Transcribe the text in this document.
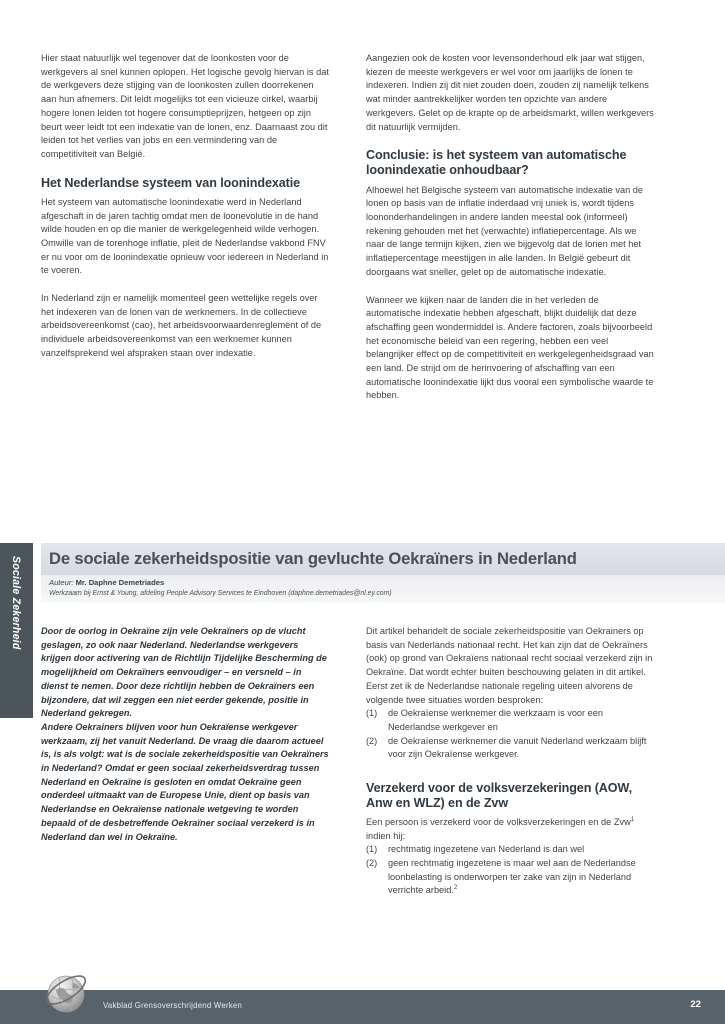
Hier staat natuurlijk wel tegenover dat de loonkosten voor de werkgevers al snel kunnen oplopen. Het logische gevolg hiervan is dat de werkgevers deze stijging van de loonkosten zullen doorrekenen aan hun afnemers. Dit leidt mogelijks tot een vicieuze cirkel, waarbij hogere lonen leiden tot hogere consumptieprijzen, hetgeen op zijn beurt weer leidt tot een indexatie van de lonen, enz. Daarnaast zou dit leiden tot het verlies van jobs en een vermindering van de competitiviteit van België.

Het Nederlandse systeem van loonindexatie

Het systeem van automatische loonindexatie werd in Nederland afgeschaft in de jaren tachtig omdat men de loonevolutie in de hand wilde houden en op die manier de werkgelegenheid wilde verhogen. Omwille van de torenhoge inflatie, pleit de Nederlandse vakbond FNV er nu voor om de loonindexatie opnieuw voor iedereen in Nederland in te voeren.

In Nederland zijn er namelijk momenteel geen wettelijke regels over het indexeren van de lonen van de werknemers. In de collectieve arbeidsovereenkomst (cao), het arbeidsvoorwaardenreglement of de individuele arbeidsovereenkomst van een werknemer kunnen vanzelfsprekend wel afspraken staan over indexatie.

Aangezien ook de kosten voor levensonderhoud elk jaar wat stijgen, kiezen de meeste werkgevers er wel voor om jaarlijks de lonen te indexeren. Indien zij dit niet zouden doen, zouden zij namelijk telkens wat minder aantrekkelijker worden ten opzichte van andere werkgevers. Gelet op de krapte op de arbeidsmarkt, willen werkgevers dit natuurlijk vermijden.

Conclusie: is het systeem van automatische loonindexatie onhoudbaar?

Alhoewel het Belgische systeem van automatische indexatie van de lonen op basis van de inflatie inderdaad vrij uniek is, wordt tijdens loononderhandelingen in andere landen meestal ook (informeel) rekening gehouden met het (verwachte) inflatiepercentage. Als we naar de lange termijn kijken, zien we bijgevolg dat de lonen met het inflatiepercentage meestijgen in alle landen. In België gebeurt dit doorgaans wat sneller, gelet op de automatische indexatie.

Wanneer we kijken naar de landen die in het verleden de automatische indexatie hebben afgeschaft, blijkt duidelijk dat deze afschaffing geen wondermiddel is. Andere factoren, zoals bijvoorbeeld het economische beleid van een regering, hebben een veel belangrijker effect op de competitiviteit en werkgelegenheidsgraad van een land. De strijd om de herinvoering of afschaffing van een automatische loonindexatie lijkt dus vooral een symbolische waarde te hebben.

Sociale Zekerheid	De sociale zekerheidspositie van gevluchte Oekraïners in Nederland
Auteur: Mr. Daphne Demetriades
Werkzaam bij Ernst & Young, afdeling People Advisory Services te Eindhoven (daphne.demetriades@nl.ey.com)

Door de oorlog in Oekraïne zijn vele Oekraïners op de vlucht geslagen, zo ook naar Nederland. Nederlandse werkgevers krijgen door activering van de Richtlijn Tijdelijke Bescherming de mogelijkheid om Oekraïners eenvoudiger – en versneld – in dienst te nemen. Door deze richtlijn hebben de Oekraïners een bijzondere, dat wil zeggen een niet eerder gekende, positie in Nederland gekregen.

Andere Oekrainers blijven voor hun Oekraïense werkgever werkzaam, zij het vanuit Nederland. De vraag die daarom actueel is, is als volgt: wat is de sociale zekerheidspositie van Oekraïners in Nederland? Omdat er geen sociaal zekerheidsverdrag tussen Nederland en Oekraïne is gesloten en omdat Oekraïne geen onderdeel uitmaakt van de Europese Unie, dient op basis van Nederlandse en Oekraïense nationale wetgeving te worden bepaald of de desbetreffende Oekraïner sociaal verzekerd is in Nederland dan wel in Oekraïne.

Dit artikel behandelt de sociale zekerheidspositie van Oekrainers op basis van Nederlands nationaal recht. Het kan zijn dat de Oekraïners (ook) op grond van Oekraïens nationaal recht sociaal verzekerd zijn in Oekraïne. Dat wordt echter buiten beschouwing gelaten in dit artikel. Eerst zet ik de Nederlandse nationale regeling uiteen alvorens de volgende twee situaties worden besproken:

(1) de Oekraïense werknemer die werkzaam is voor een Nederlandse werkgever en
(2) de Oekraïense werknemer die vanuit Nederland werkzaam blijft voor zijn Oekraïense werkgever.
Verzekerd voor de volksverzekeringen (AOW, Anw en WLZ) en de Zvw

Een persoon is verzekerd voor de volksverzekeringen en de Zvw$^1$ indien hij:

(1) rechtmatig ingezetene van Nederland is dan wel
(2) geen rechtmatig ingezetene is maar wel aan de Nederlandse loonbelasting is onderworpen ter zake van zijn in Nederland verrichte arbeid.$^2$
Vakblad Grensoverschrijdend Werken	22
